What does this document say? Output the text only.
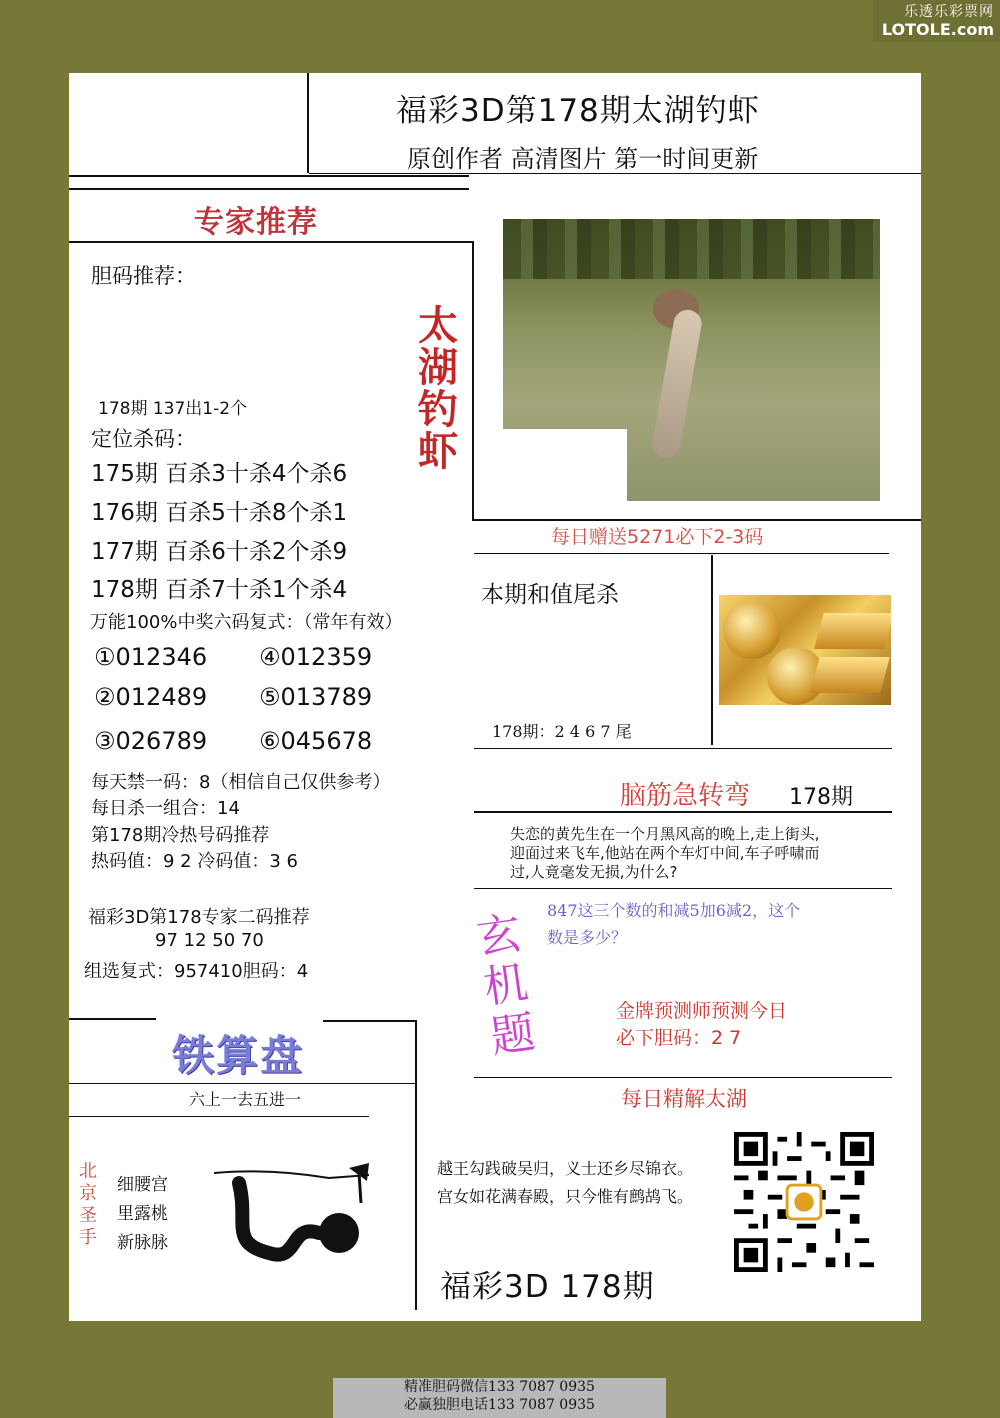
乐透乐彩票网
LOTOLE.com
福彩3D第178期太湖钓虾
原创作者 高清图片 第一时间更新
专家推荐
胆码推荐：
太
湖
钓
虾
178期 137出1-2个
定位杀码：
175期 百杀3十杀4个杀6
176期 百杀5十杀8个杀1
177期 百杀6十杀2个杀9
178期 百杀7十杀1个杀4
万能100%中奖六码复式：（常年有效）
①012346 ④012359
②012489 ⑤013789
③026789 ⑥045678
每天禁一码：8（相信自己仅供参考）
每日杀一组合：14
第178期冷热号码推荐
热码值：9 2 冷码值：3 6
福彩3D第178专家二码推荐
97 12 50 70
组选复式：957410胆码：4
铁算盘
六上一去五进一
北
京
圣
手
细腰宫
里露桃
新脉脉
每日赠送5271必下2-3码
本期和值尾杀
178期：2 4 6 7 尾
脑筋急转弯 178期
失恋的黄先生在一个月黑风高的晚上,走上街头,
迎面过来飞车,他站在两个车灯中间,车子呼啸而
过,人竟毫发无损,为什么?
玄
机
题
847这三个数的和减5加6减2，这个
数是多少？
金牌预测师预测今日
必下胆码：2 7
每日精解太湖
越王勾践破吴归，义士还乡尽锦衣。
宫女如花满春殿，只今惟有鹧鸪飞。
福彩3D 178期
精准胆码微信133 7087 0935
必赢独胆电话133 7087 0935
